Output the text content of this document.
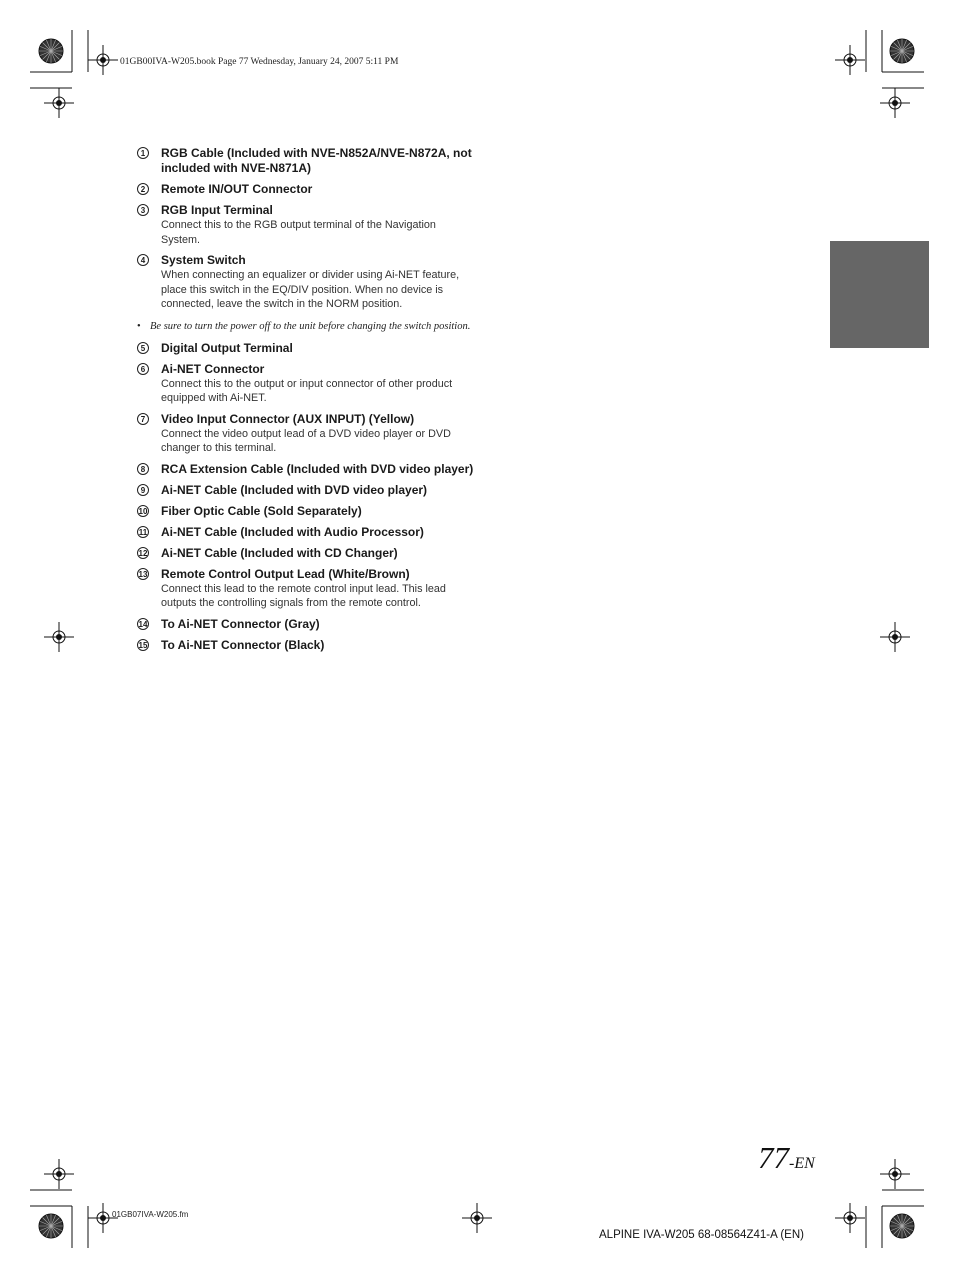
01GB00IVA-W205.book Page 77 Wednesday, January 24, 2007 5:11 PM
1	RGB Cable (Included with NVE-N852A/NVE-N872A, not included with NVE-N871A)
2	Remote IN/OUT Connector
3	RGB Input Terminal
Connect this to the RGB output terminal of the Navigation System.
4	System Switch
When connecting an equalizer or divider using Ai-NET feature, place this switch in the EQ/DIV position. When no device is connected, leave the switch in the NORM position.
• Be sure to turn the power off to the unit before changing the switch position.
5	Digital Output Terminal
6	Ai-NET Connector
Connect this to the output or input connector of other product equipped with Ai-NET.
7	Video Input Connector (AUX INPUT) (Yellow)
Connect the video output lead of a DVD video player or DVD changer to this terminal.
8	RCA Extension Cable (Included with DVD video player)
9	Ai-NET Cable (Included with DVD video player)
10 Fiber Optic Cable (Sold Separately)
11 Ai-NET Cable (Included with Audio Processor)
12 Ai-NET Cable (Included with CD Changer)
13 Remote Control Output Lead (White/Brown)
Connect this lead to the remote control input lead. This lead outputs the controlling signals from the remote control.
14 To Ai-NET Connector (Gray)
15 To Ai-NET Connector (Black)
77-EN
01GB07IVA-W205.fm
ALPINE IVA-W205 68-08564Z41-A (EN)
